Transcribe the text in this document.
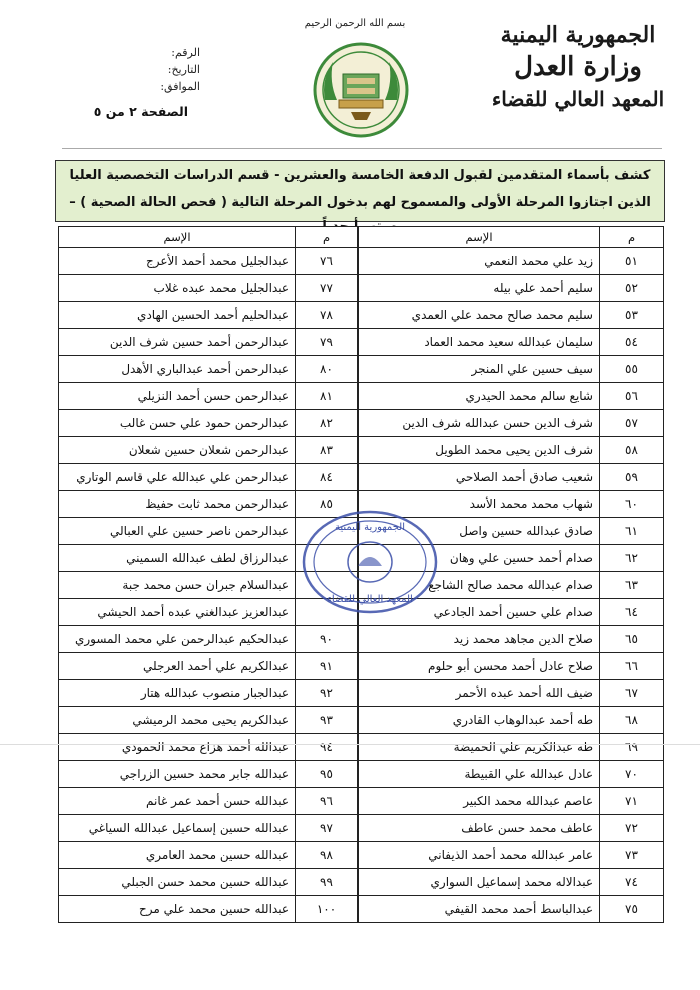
بسم الله الرحمن الرحيم	الجمهورية اليمنية
وزارة العدل
المعهد العالي للقضاء
الرقم:
التاريخ:
الموافق:
الصفحة ٢ من ٥
كشف بأسماء المتقدمين لقبول الدفعة الخامسة والعشرين - قسم الدراسات التخصصية العليا
الذين اجتازوا المرحلة الأولى والمسموح لهم بدخول المرحلة التالية ( فحص الحالة الصحية ) –
م	الإسم
٥١	زيد علي محمد النعمي
٥٢	سليم أحمد علي بيله
٥٣	سليم محمد صالح محمد علي العمدي
٥٤	سليمان عبدالله سعيد محمد العماد
٥٥	سيف حسين علي المنجر
٥٦	شايع سالم محمد الحيدري
٥٧	شرف الدين حسن عبدالله شرف الدين
٥٨	شرف الدين يحيى محمد الطويل
٥٩	شعيب صادق أحمد الصلاحي
٦٠	شهاب محمد محمد الأسد
٦١	صادق عبدالله حسين واصل
٦٢	صدام أحمد حسين علي وهان
٦٣	صدام عبدالله محمد صالح الشاجع
٦٤	صدام علي حسين أحمد الجادعي
٦٥	صلاح الدين مجاهد محمد زيد
٦٦	صلاح عادل أحمد محسن أبو حلوم
٦٧	ضيف الله أحمد عبده الأحمر
٦٨	طه أحمد عبدالوهاب القادري
٦٩	طه عبدالكريم علي الحميضة
٧٠	عادل عبدالله علي القبيطة
٧١	عاصم عبدالله محمد الكبير
٧٢	عاطف محمد حسن عاطف
٧٣	عامر عبدالله محمد أحمد الذيفاني
٧٤	عبدالاله محمد إسماعيل السواري
٧٥	عبدالباسط أحمد محمد القيفي
م	الإسم
٧٦	عبدالجليل محمد أحمد الأعرج
٧٧	عبدالجليل محمد عبده غلاب
٧٨	عبدالحليم أحمد الحسين الهادي
٧٩	عبدالرحمن أحمد حسين شرف الدين
٨٠	عبدالرحمن أحمد عبدالباري الأهدل
٨١	عبدالرحمن حسن أحمد النزيلي
٨٢	عبدالرحمن حمود علي حسن غالب
٨٣	عبدالرحمن شعلان حسين شعلان
٨٤	عبدالرحمن علي عبدالله علي قاسم الوتاري
٨٥	عبدالرحمن محمد ثابت حفيظ
	عبدالرحمن ناصر حسين علي العبالي
	عبدالرزاق لطف عبدالله السميني
	عبدالسلام جبران حسن محمد جبة
	عبدالعزيز عبدالغني عبده أحمد الحيشي
٩٠	عبدالحكيم عبدالرحمن علي محمد المسوري
٩١	عبدالكريم علي أحمد العرجلي
٩٢	عبدالجبار منصوب عبدالله هتار
٩٣	عبدالكريم يحيى محمد الرميشي
٩٤	عبدالله أحمد هزاع محمد الحمودي
٩٥	عبدالله جابر محمد حسين الزراجي
٩٦	عبدالله حسن أحمد عمر غانم
٩٧	عبدالله حسين إسماعيل عبدالله السياغي
٩٨	عبدالله حسين محمد العامري
٩٩	عبدالله حسين محمد حسن الجبلي
١٠٠	عبدالله حسين محمد علي مرح
الجمهورية اليمنية
المعهد العالي للقضاء
